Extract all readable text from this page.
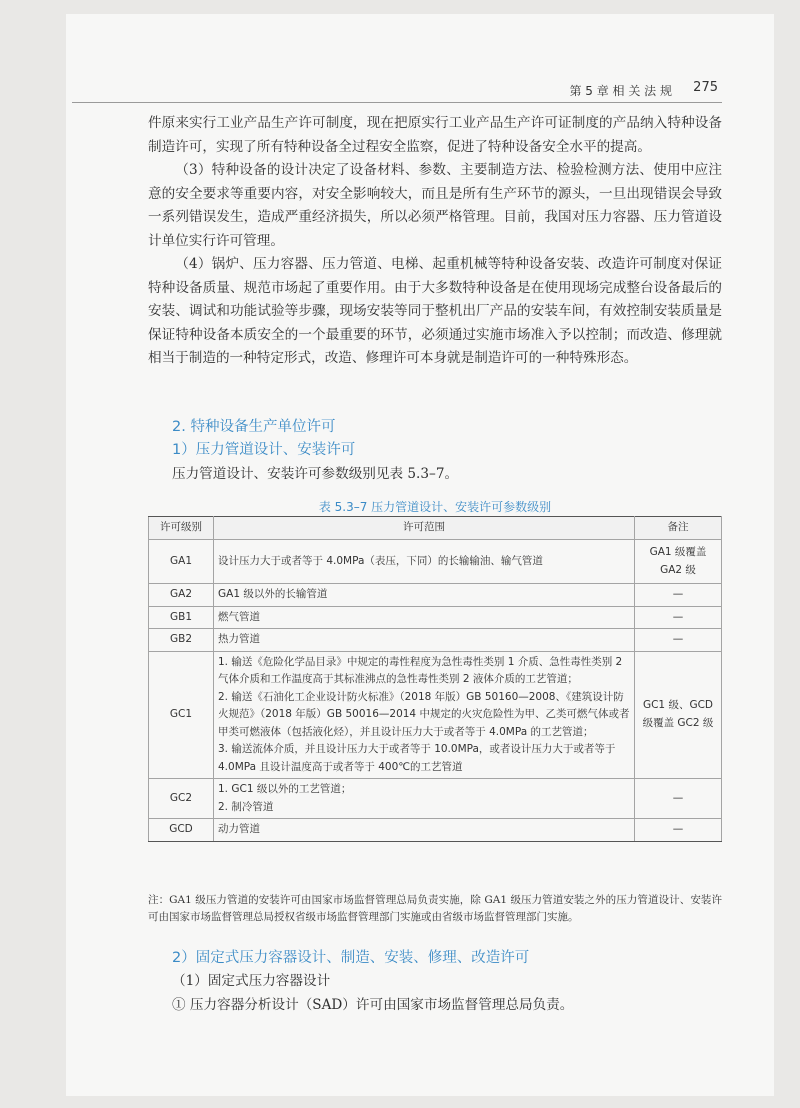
第 5 章 相 关 法 规 275

件原来实行工业产品生产许可制度，现在把原实行工业产品生产许可证制度的产品纳入特种设备制造许可，实现了所有特种设备全过程安全监察，促进了特种设备安全水平的提高。

（3）特种设备的设计决定了设备材料、参数、主要制造方法、检验检测方法、使用中应注意的安全要求等重要内容，对安全影响较大，而且是所有生产环节的源头，一旦出现错误会导致一系列错误发生，造成严重经济损失，所以必须严格管理。目前，我国对压力容器、压力管道设计单位实行许可管理。

（4）锅炉、压力容器、压力管道、电梯、起重机械等特种设备安装、改造许可制度对保证特种设备质量、规范市场起了重要作用。由于大多数特种设备是在使用现场完成整台设备最后的安装、调试和功能试验等步骤，现场安装等同于整机出厂产品的安装车间，有效控制安装质量是保证特种设备本质安全的一个最重要的环节，必须通过实施市场准入予以控制；而改造、修理就相当于制造的一种特定形式，改造、修理许可本身就是制造许可的一种特殊形态。

2. 特种设备生产单位许可
1）压力管道设计、安装许可
压力管道设计、安装许可参数级别见表 5.3–7。
表 5.3–7 压力管道设计、安装许可参数级别
许可级别	许可范围	备注
GA1	设计压力大于或者等于 4.0MPa（表压，下同）的长输输油、输气管道	GA1 级覆盖 GA2 级
GA2	GA1 级以外的长输管道	—
GB1	燃气管道	—
GB2	热力管道	—
GC1	1. 输送《危险化学品目录》中规定的毒性程度为急性毒性类别 1 介质、急性毒性类别 2 气体介质和工作温度高于其标准沸点的急性毒性类别 2 液体介质的工艺管道；
2. 输送《石油化工企业设计防火标准》（2018 年版）GB 50160—2008、《建筑设计防火规范》（2018 年版）GB 50016—2014 中规定的火灾危险性为甲、乙类可燃气体或者甲类可燃液体（包括液化烃），并且设计压力大于或者等于 4.0MPa 的工艺管道；
3. 输送流体介质，并且设计压力大于或者等于 10.0MPa，或者设计压力大于或者等于 4.0MPa 且设计温度高于或者等于 400℃的工艺管道	GC1 级、GCD 级覆盖 GC2 级
GC2	1. GC1 级以外的工艺管道；
2. 制冷管道	—
GCD	动力管道	—
注：GA1 级压力管道的安装许可由国家市场监督管理总局负责实施，除 GA1 级压力管道安装之外的压力管道设计、安装许可由国家市场监督管理总局授权省级市场监督管理部门实施或由省级市场监督管理部门实施。
2）固定式压力容器设计、制造、安装、修理、改造许可
（1）固定式压力容器设计
① 压力容器分析设计（SAD）许可由国家市场监督管理总局负责。
